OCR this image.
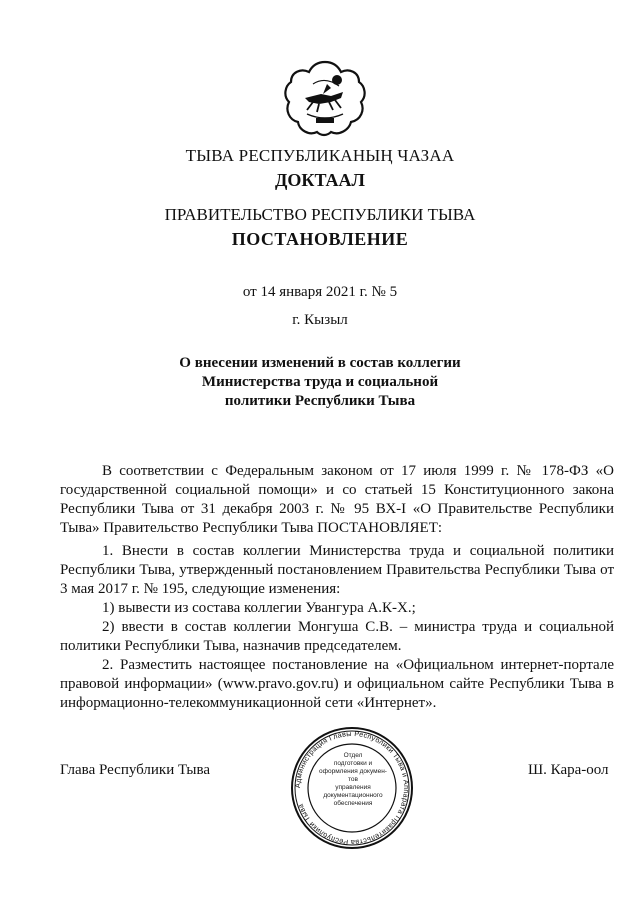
ТЫВА РЕСПУБЛИКАНЫҢ ЧАЗАА
ДОКТААЛ
ПРАВИТЕЛЬСТВО РЕСПУБЛИКИ ТЫВА
ПОСТАНОВЛЕНИЕ
от 14 января 2021 г. № 5
г. Кызыл
О внесении изменений в состав коллегии
Министерства труда и социальной
политики Республики Тыва

В соответствии с Федеральным законом от 17 июля 1999 г. № 178-ФЗ «О государственной социальной помощи» и со статьей 15 Конституционного закона Республики Тыва от 31 декабря 2003 г. № 95 ВХ-I «О Правительстве Республики Тыва» Правительство Республики Тыва ПОСТАНОВЛЯЕТ:

1. Внести в состав коллегии Министерства труда и социальной политики Республики Тыва, утвержденный постановлением Правительства Республики Тыва от 3 мая 2017 г. № 195, следующие изменения:

1) вывести из состава коллегии Увангура А.К-Х.;

2) ввести в состав коллегии Монгуша С.В. – министра труда и социальной политики Республики Тыва, назначив председателем.

2. Разместить настоящее постановление на «Официальном интернет-портале правовой информации» (www.pravo.gov.ru) и официальном сайте Республики Тыва в информационно-телекоммуникационной сети «Интернет».

Администрация Главы Республики Тыва и Аппарата Правительства Республики Тыва
Отдел
подготовки и
оформления докумен-тов
управления
документационного
обеспечения
Глава Республики Тыва	Ш. Кара-оол
